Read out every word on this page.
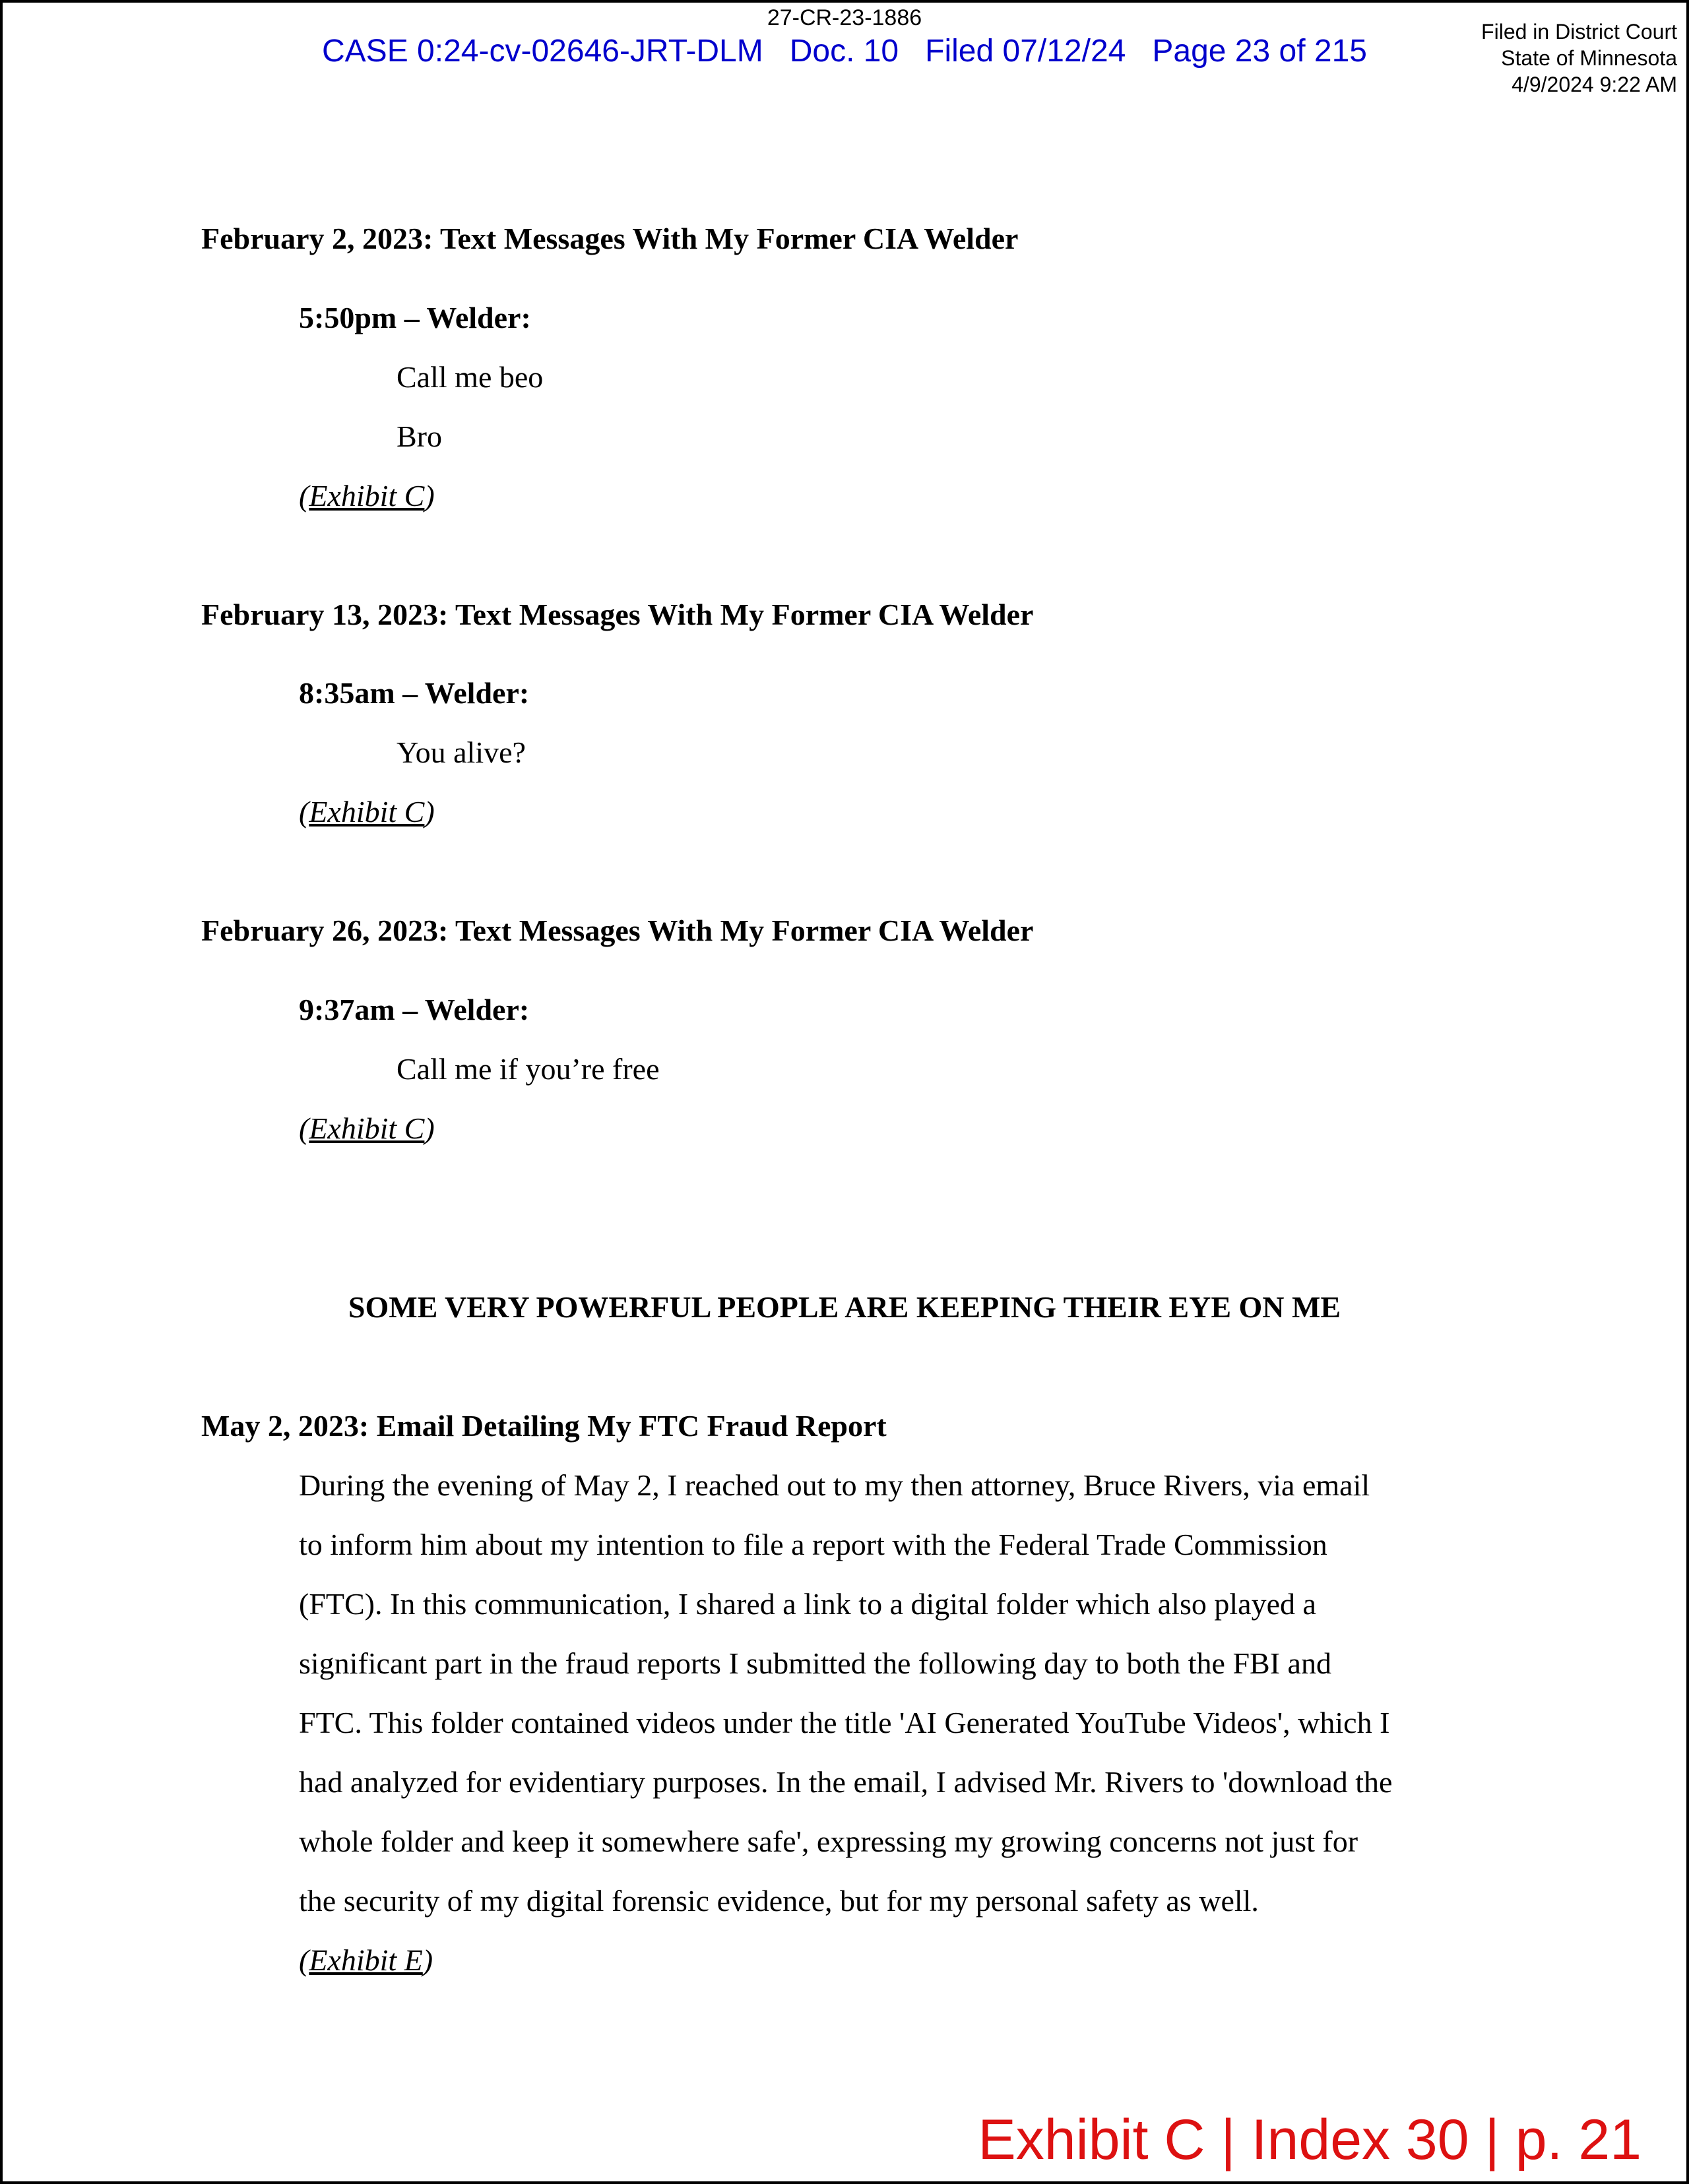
27-CR-23-1886
CASE 0:24-cv-02646-JRT-DLM   Doc. 10   Filed 07/12/24   Page 23 of 215
Filed in District Court
State of Minnesota
4/9/2024 9:22 AM
February 2, 2023: Text Messages With My Former CIA Welder
5:50pm – Welder:
Call me beo
Bro
(Exhibit C)
February 13, 2023: Text Messages With My Former CIA Welder
8:35am – Welder:
You alive?
(Exhibit C)
February 26, 2023: Text Messages With My Former CIA Welder
9:37am – Welder:
Call me if you’re free
(Exhibit C)
SOME VERY POWERFUL PEOPLE ARE KEEPING THEIR EYE ON ME
May 2, 2023: Email Detailing My FTC Fraud Report
During the evening of May 2, I reached out to my then attorney, Bruce Rivers, via email
to inform him about my intention to file a report with the Federal Trade Commission
(FTC). In this communication, I shared a link to a digital folder which also played a
significant part in the fraud reports I submitted the following day to both the FBI and
FTC. This folder contained videos under the title 'AI Generated YouTube Videos', which I
had analyzed for evidentiary purposes. In the email, I advised Mr. Rivers to 'download the
whole folder and keep it somewhere safe', expressing my growing concerns not just for
the security of my digital forensic evidence, but for my personal safety as well.
(Exhibit E)
Exhibit C | Index 30 | p. 21
